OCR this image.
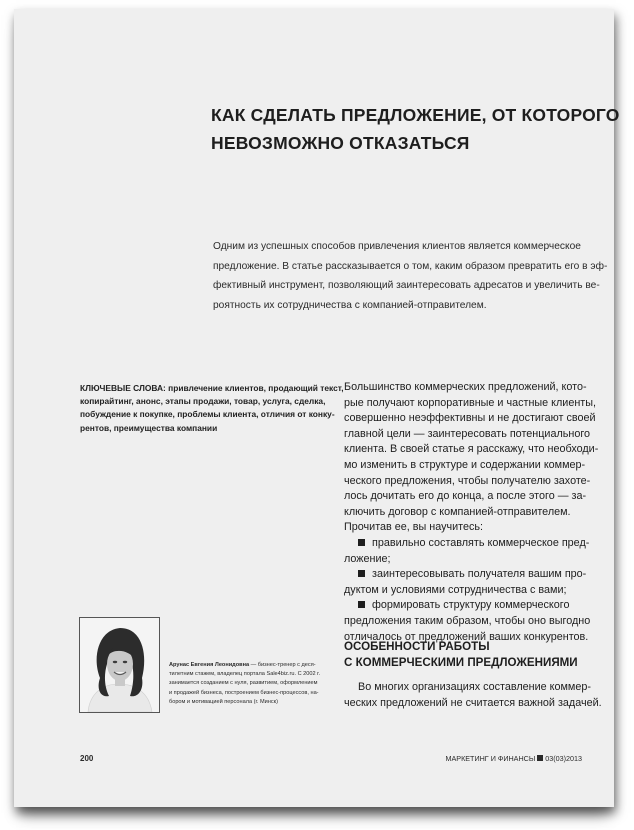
КАК СДЕЛАТЬ ПРЕДЛОЖЕНИЕ, ОТ КОТОРОГО
НЕВОЗМОЖНО ОТКАЗАТЬСЯ
Одним из успешных способов привлечения клиентов является коммерческое
предложение. В статье рассказывается о том, каким образом превратить его в эф-
фективный инструмент, позволяющий заинтересовать адресатов и увеличить ве-
роятность их сотрудничества с компанией-отправителем.
КЛЮЧЕВЫЕ СЛОВА: привлечение клиентов, продающий текст,
копирайтинг, анонс, этапы продажи, товар, услуга, сделка,
побуждение к покупке, проблемы клиента, отличия от конку-
рентов, преимущества компании
Большинство коммерческих предложений, кото-
рые получают корпоративные и частные клиенты,
совершенно неэффективны и не достигают своей
главной цели — заинтересовать потенциального
клиента. В своей статье я расскажу, что необходи-
мо изменить в структуре и содержании коммер-
ческого предложения, чтобы получателю захоте-
лось дочитать его до конца, а после этого — за-
ключить договор с компанией-отправителем.
Прочитав ее, вы научитесь:
правильно составлять коммерческое пред-
ложение;
заинтересовывать получателя вашим про-
дуктом и условиями сотрудничества с вами;
формировать структуру коммерческого
предложения таким образом, чтобы оно выгодно
отличалось от предложений ваших конкурентов.
ОСОБЕННОСТИ РАБОТЫ
С КОММЕРЧЕСКИМИ ПРЕДЛОЖЕНИЯМИ
Во многих организациях составление коммер-
ческих предложений не считается важной задачей.
Арунас Евгения Леонидовна — бизнес-тренер с деся-
тилетним стажем, владелец портала Sale4biz.ru. С 2002 г.
занимается созданием с нуля, развитием, оформлением
и продажей бизнеса, построением бизнес-процессов, на-
бором и мотивацией персонала (г. Минск)
200	МАРКЕТИНГ И ФИНАНСЫ 03(03)2013
